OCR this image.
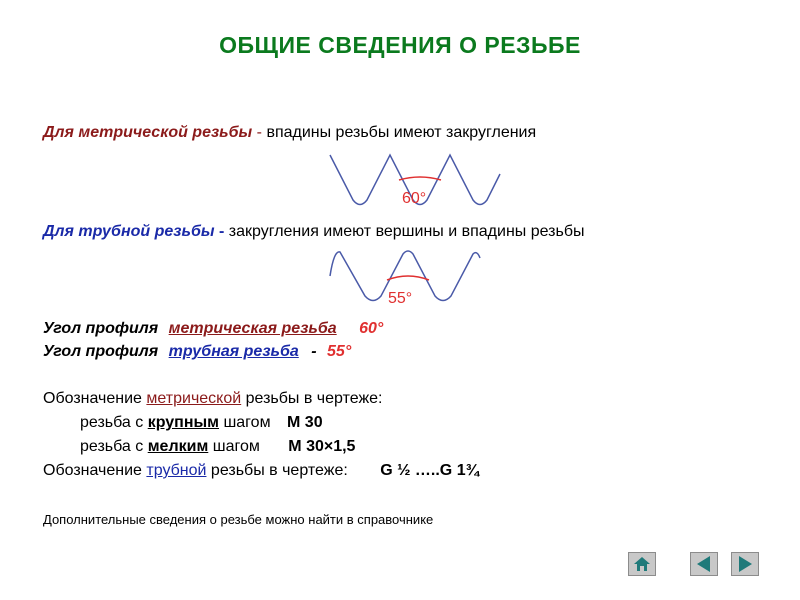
ОБЩИЕ СВЕДЕНИЯ О РЕЗЬБЕ
Для метрической резьбы - впадины резьбы имеют закругления
60°
Для трубной резьбы - закругления имеют вершины и впадины резьбы
55°
Угол профиля метрическая резьба 60°
Угол профиля трубная резьба - 55°
Обозначение метрической резьбы в чертеже:
резьба с крупным шагом М 30
резьба с мелким шагом М 30×1,5
Обозначение трубной резьбы в чертеже: G ½ …..G 1¾
Дополнительные сведения о резьбе можно найти в справочнике
